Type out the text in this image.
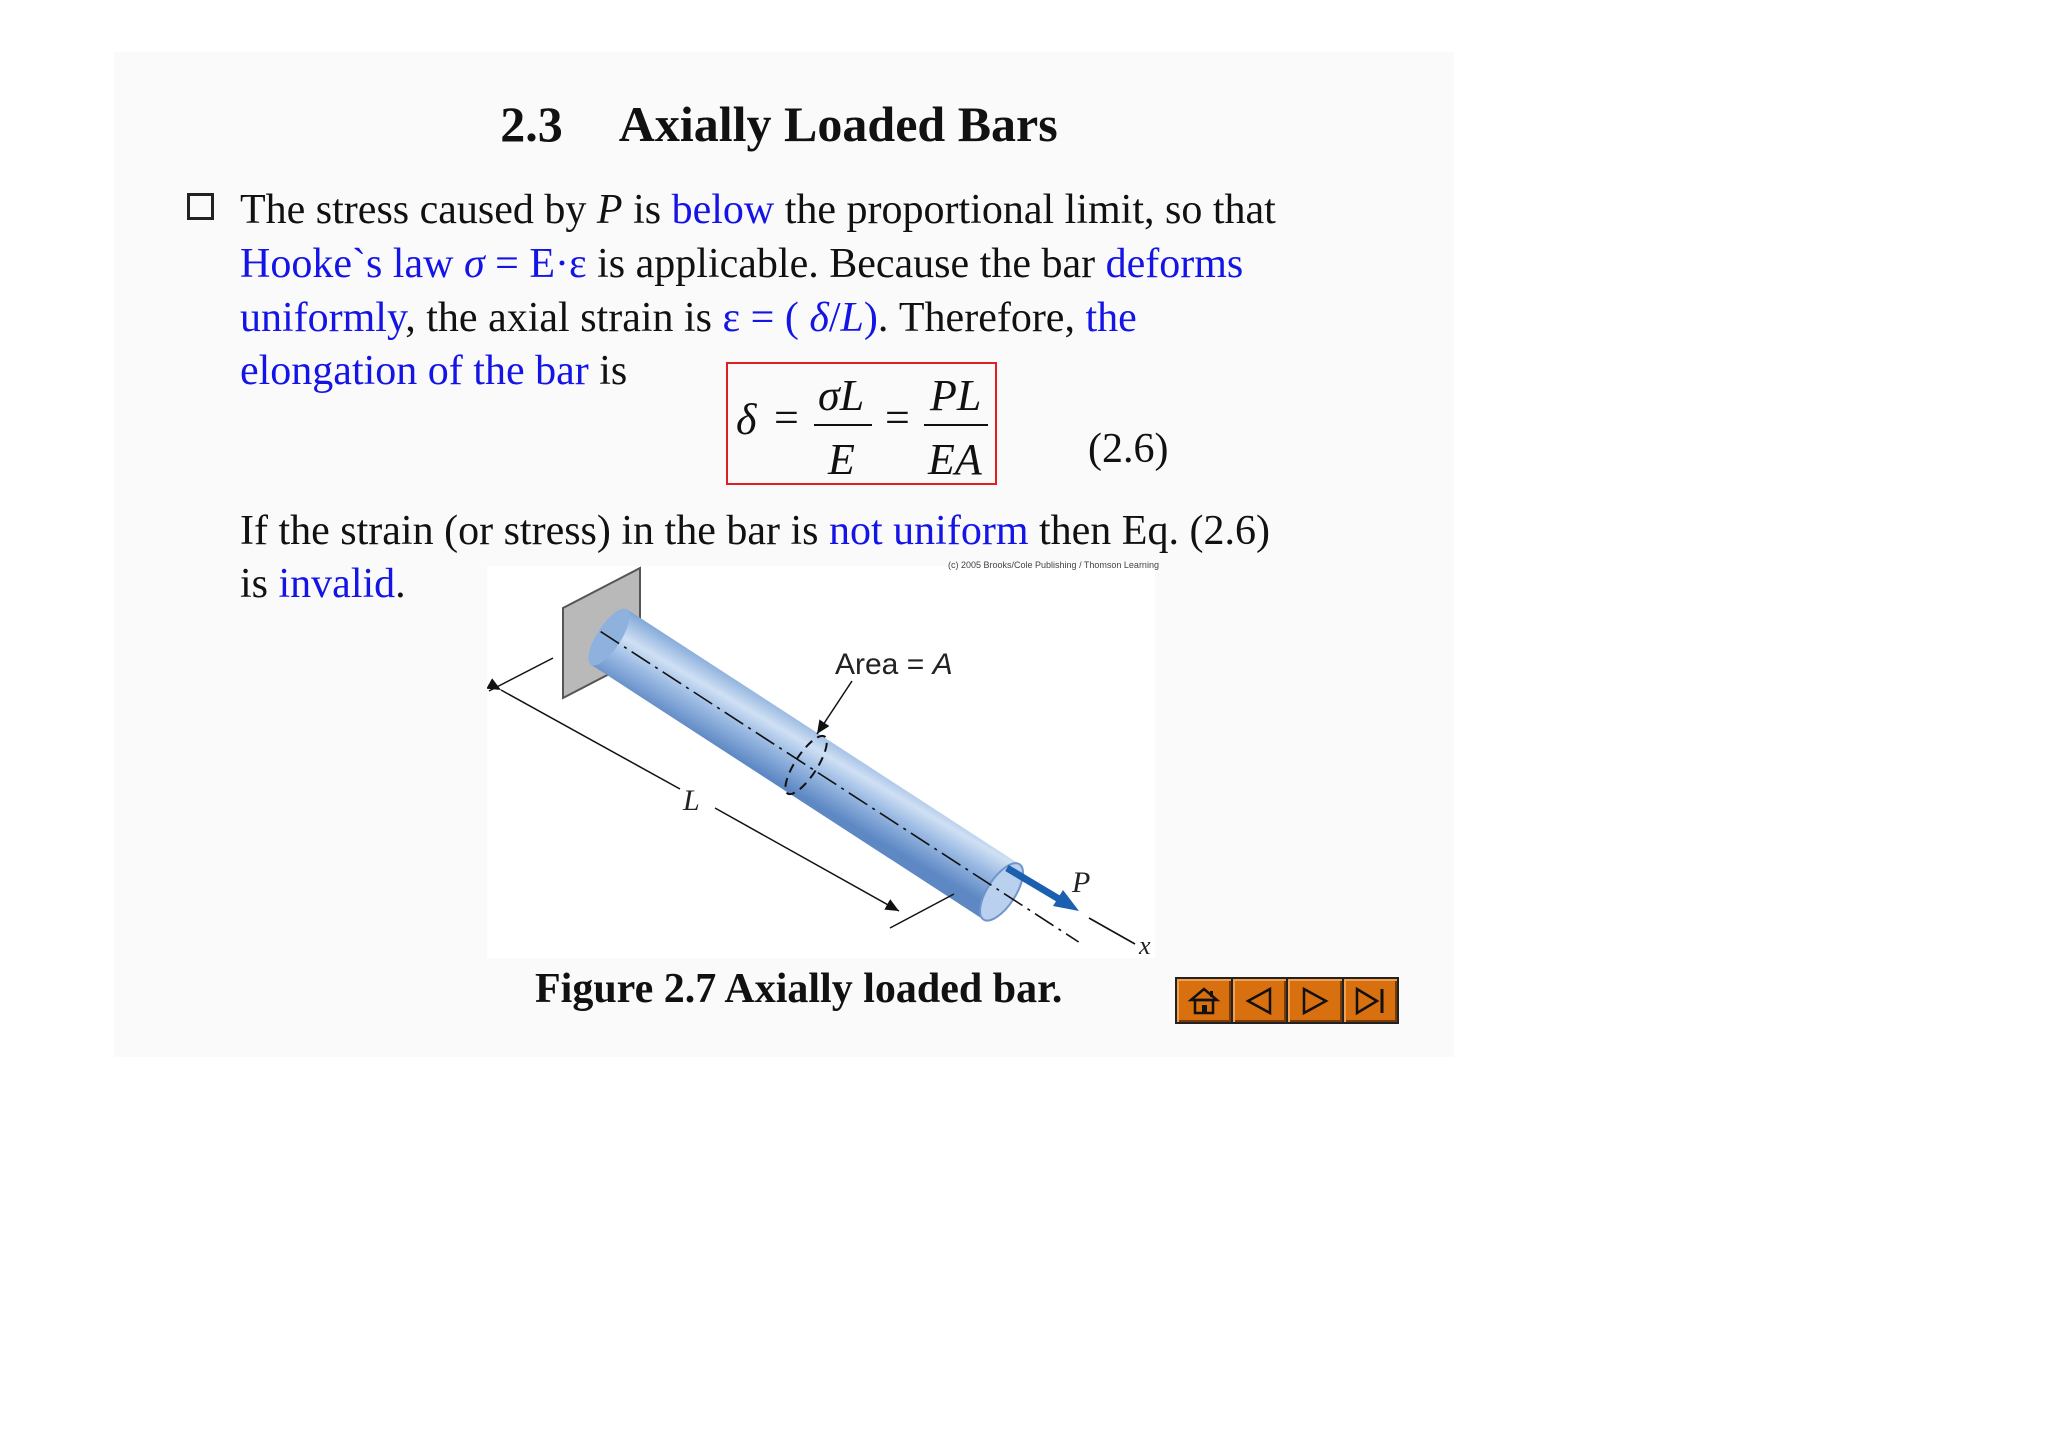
2.3 Axially Loaded Bars
The stress caused by P is below the proportional limit, so that
Hooke`s law σ = E·ε is applicable. Because the bar deforms
uniformly, the axial strain is ε = ( δ/L). Therefore, the
elongation of the bar is
δ = σL
E
= PL
EA	(2.6)
If the strain (or stress) in the bar is not uniform then Eq. (2.6)
Area = A
L
P
x
(c) 2005 Brooks/Cole Publishing / Thomson Learning
is invalid.
Figure 2.7 Axially loaded bar.
